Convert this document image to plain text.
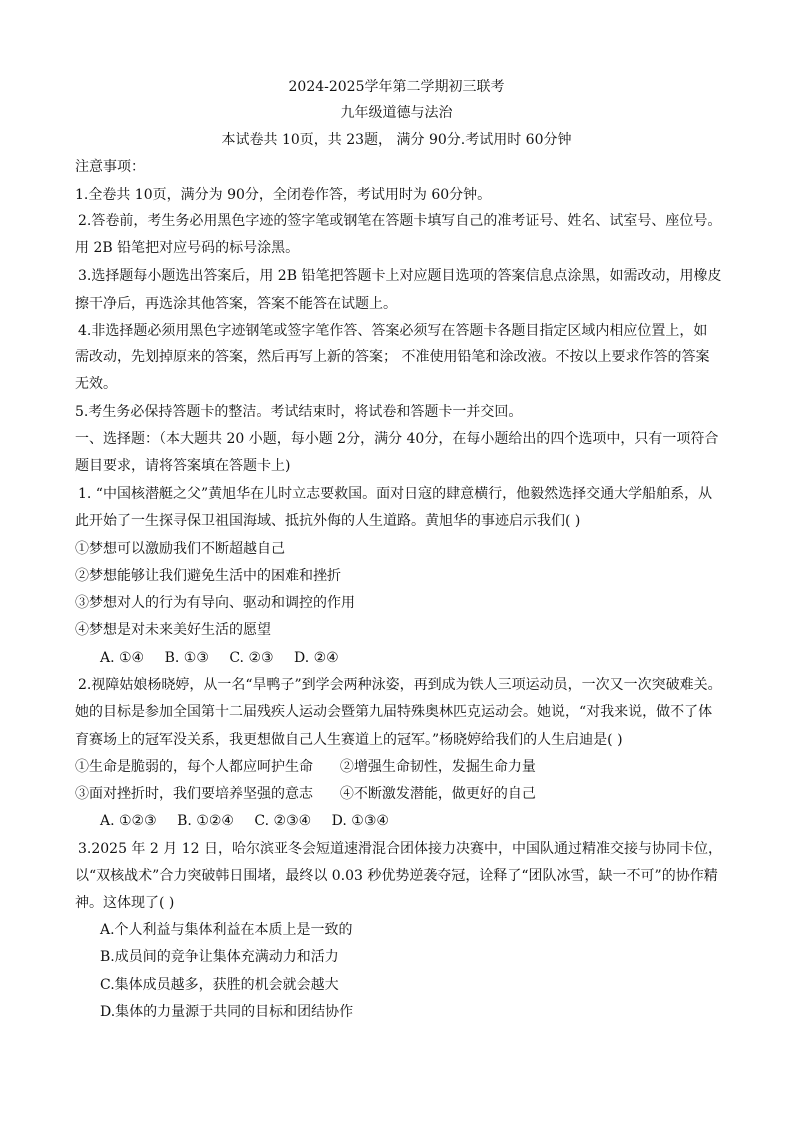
2024-2025学年第二学期初三联考
九年级道德与法治
本试卷共 10页，共 23题， 满分 90分.考试用时 60分钟
注意事项：
1.全卷共 10页，满分为 90分，全闭卷作答，考试用时为 60分钟。
2.答卷前，考生务必用黑色字迹的签字笔或钢笔在答题卡填写自己的准考证号、姓名、试室号、座位号。
用 2B 铅笔把对应号码的标号涂黑。
3.选择题每小题选出答案后，用 2B 铅笔把答题卡上对应题目选项的答案信息点涂黑，如需改动，用橡皮
擦干净后，再选涂其他答案，答案不能答在试题上。
4.非选择题必须用黑色字迹钢笔或签字笔作答、答案必须写在答题卡各题目指定区域内相应位置上，如
需改动，先划掉原来的答案，然后再写上新的答案； 不准使用铅笔和涂改液。不按以上要求作答的答案
无效。
5.考生务必保持答题卡的整洁。考试结束时，将试卷和答题卡一并交回。
一、选择题：（本大题共 20 小题，每小题 2分，满分 40分，在每小题给出的四个选项中，只有一项符合
题目要求，请将答案填在答题卡上)
1. “中国核潜艇之父”黄旭华在儿时立志要救国。面对日寇的肆意横行，他毅然选择交通大学船舶系，从
此开始了一生探寻保卫祖国海域、抵抗外侮的人生道路。黄旭华的事迹启示我们( )
①梦想可以激励我们不断超越自己
②梦想能够让我们避免生活中的困难和挫折
③梦想对人的行为有导向、驱动和调控的作用
④梦想是对未来美好生活的愿望
A. ①④ B. ①③ C. ②③ D. ②④
2.视障姑娘杨晓婷，从一名“旱鸭子”到学会两种泳姿，再到成为铁人三项运动员，一次又一次突破难关。
她的目标是参加全国第十二届残疾人运动会暨第九届特殊奥林匹克运动会。她说，“对我来说，做不了体
育赛场上的冠军没关系，我更想做自己人生赛道上的冠军。”杨晓婷给我们的人生启迪是( )
①生命是脆弱的，每个人都应呵护生命 ②增强生命韧性，发掘生命力量
③面对挫折时，我们要培养坚强的意志 ④不断激发潜能，做更好的自己
A. ①②③ B. ①②④ C. ②③④ D. ①③④
3.2025 年 2 月 12 日，哈尔滨亚冬会短道速滑混合团体接力决赛中，中国队通过精准交接与协同卡位，
以“双核战术”合力突破韩日围堵，最终以 0.03 秒优势逆袭夺冠，诠释了“团队冰雪，缺一不可”的协作精
神。这体现了( )
A.个人利益与集体利益在本质上是一致的
B.成员间的竞争让集体充满动力和活力
C.集体成员越多，获胜的机会就会越大
D.集体的力量源于共同的目标和团结协作
